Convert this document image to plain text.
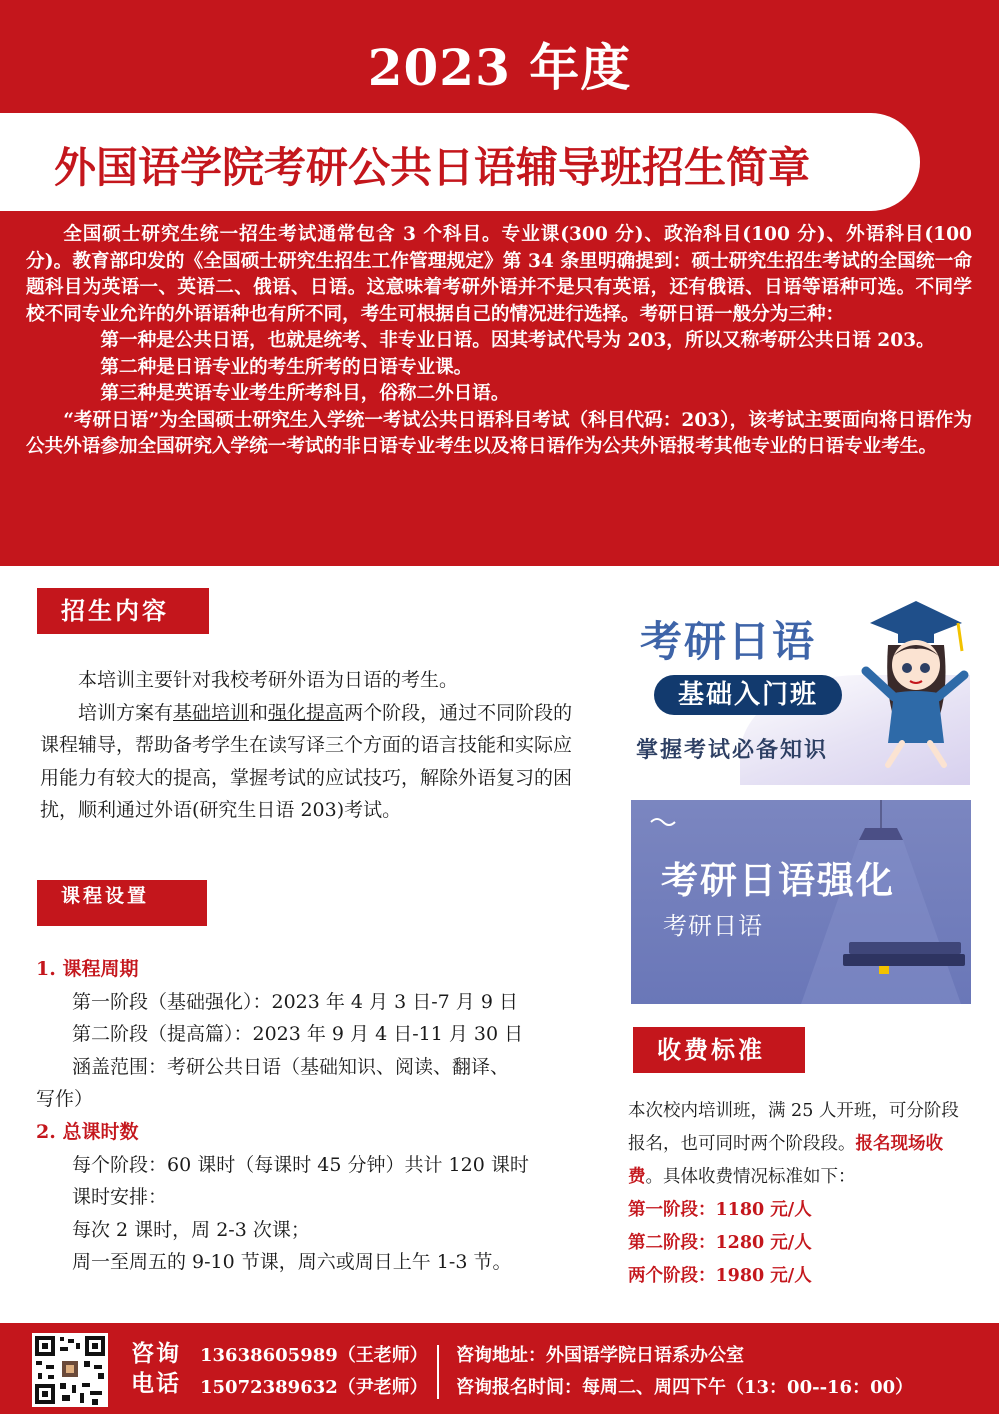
2023 年度
外国语学院考研公共日语辅导班招生简章

全国硕士研究生统一招生考试通常包含 3 个科目。专业课(300 分)、政治科目(100 分)、外语科目(100 分)。教育部印发的《全国硕士研究生招生工作管理规定》第 34 条里明确提到：硕士研究生招生考试的全国统一命题科目为英语一、英语二、俄语、日语。这意味着考研外语并不是只有英语，还有俄语、日语等语种可选。不同学校不同专业允许的外语语种也有所不同，考生可根据自己的情况进行选择。考研日语一般分为三种：

第一种是公共日语，也就是统考、非专业日语。因其考试代号为 203，所以又称考研公共日语 203。

第二种是日语专业的考生所考的日语专业课。

第三种是英语专业考生所考科目，俗称二外日语。

“考研日语”为全国硕士研究生入学统一考试公共日语科目考试（科目代码：203），该考试主要面向将日语作为公共外语参加全国研究入学统一考试的非日语专业考生以及将日语作为公共外语报考其他专业的日语专业考生。

招生内容

本培训主要针对我校考研外语为日语的考生。

培训方案有基础培训和强化提高两个阶段，通过不同阶段的课程辅导，帮助备考学生在读写译三个方面的语言技能和实际应用能力有较大的提高，掌握考试的应试技巧，解除外语复习的困扰，顺利通过外语(研究生日语 203)考试。

课程设置
1. 课程周期
第一阶段（基础强化）：2023 年 4 月 3 日-7 月 9 日
第二阶段（提高篇）：2023 年 9 月 4 日-11 月 30 日
涵盖范围：考研公共日语（基础知识、阅读、翻译、
写作）
2. 总课时数
每个阶段：60 课时（每课时 45 分钟）共计 120 课时
课时安排：
每次 2 课时，周 2-3 次课；
周一至周五的 9-10 节课，周六或周日上午 1-3 节。
考研日语
基础入门班
掌握考试必备知识
考研日语强化
考研日语
收费标准
本次校内培训班，满 25 人开班，可分阶段报名，也可同时两个阶段段。报名现场收费。具体收费情况标准如下：
第一阶段：1180 元/人
第二阶段：1280 元/人
两个阶段：1980 元/人
咨询
电话
13638605989（王老师）
15072389632（尹老师）
咨询地址：外国语学院日语系办公室
咨询报名时间：每周二、周四下午（13：00--16：00）
